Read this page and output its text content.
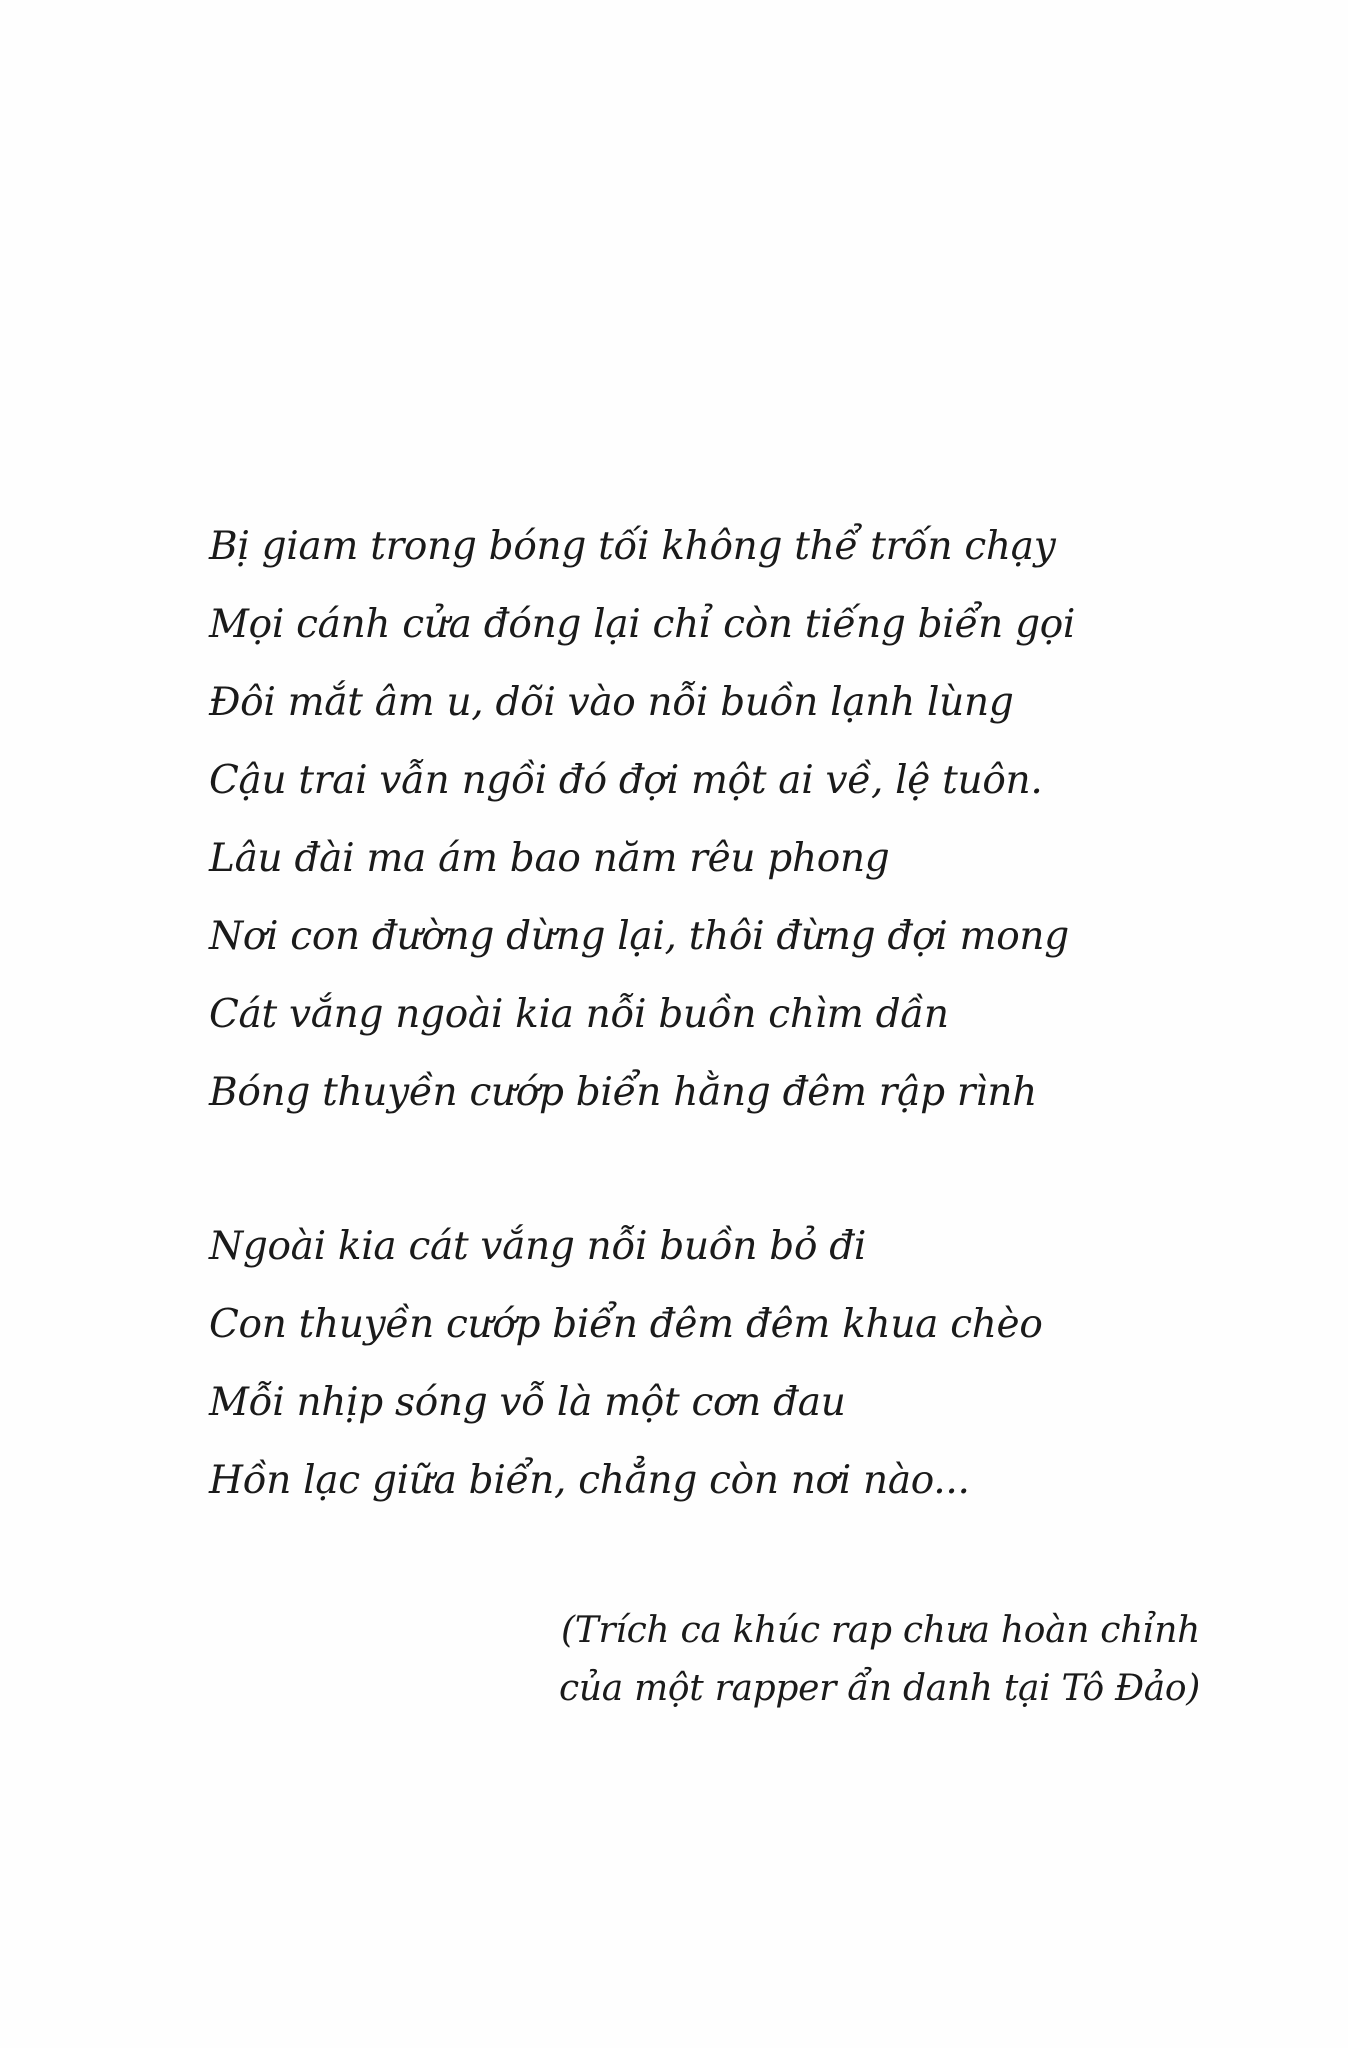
Bị giam trong bóng tối không thể trốn chạy
Mọi cánh cửa đóng lại chỉ còn tiếng biển gọi
Đôi mắt âm u, dõi vào nỗi buồn lạnh lùng
Cậu trai vẫn ngồi đó đợi một ai về, lệ tuôn.
Lâu đài ma ám bao năm rêu phong
Nơi con đường dừng lại, thôi đừng đợi mong
Cát vắng ngoài kia nỗi buồn chìm dần
Bóng thuyền cướp biển hằng đêm rập rình
Ngoài kia cát vắng nỗi buồn bỏ đi
Con thuyền cướp biển đêm đêm khua chèo
Mỗi nhịp sóng vỗ là một cơn đau
Hồn lạc giữa biển, chẳng còn nơi nào...
(Trích ca khúc rap chưa hoàn chỉnh
của một rapper ẩn danh tại Tô Đảo)
